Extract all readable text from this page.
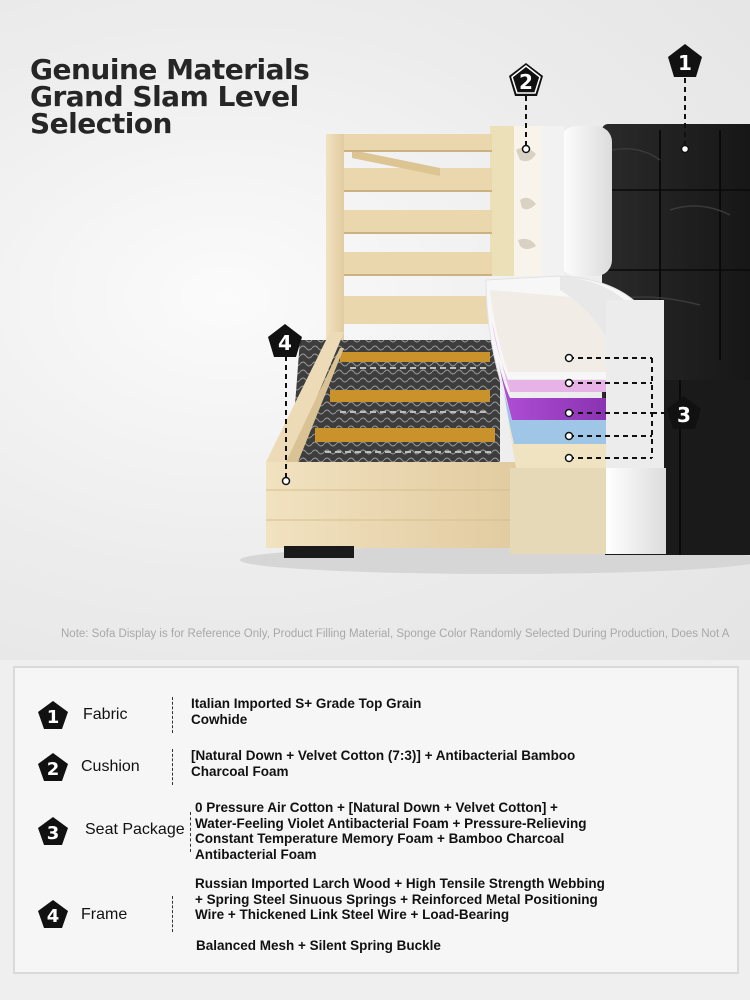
Genuine Materials
Grand Slam Level
Selection
1
2
3
4
Note: Sofa Display is for Reference Only, Product Filling Material, Sponge Color Randomly Selected During Production, Does Not A
1 Fabric
Italian Imported S+ Grade Top Grain
Cowhide
2 Cushion
[Natural Down + Velvet Cotton (7:3)] + Antibacterial Bamboo
Charcoal Foam
3 Seat Package
0 Pressure Air Cotton + [Natural Down + Velvet Cotton] +
Water-Feeling Violet Antibacterial Foam + Pressure-Relieving
Constant Temperature Memory Foam + Bamboo Charcoal
Antibacterial Foam
4 Frame
Russian Imported Larch Wood + High Tensile Strength Webbing
+ Spring Steel Sinuous Springs + Reinforced Metal Positioning
Wire + Thickened Link Steel Wire + Load-Bearing
Balanced Mesh + Silent Spring Buckle
